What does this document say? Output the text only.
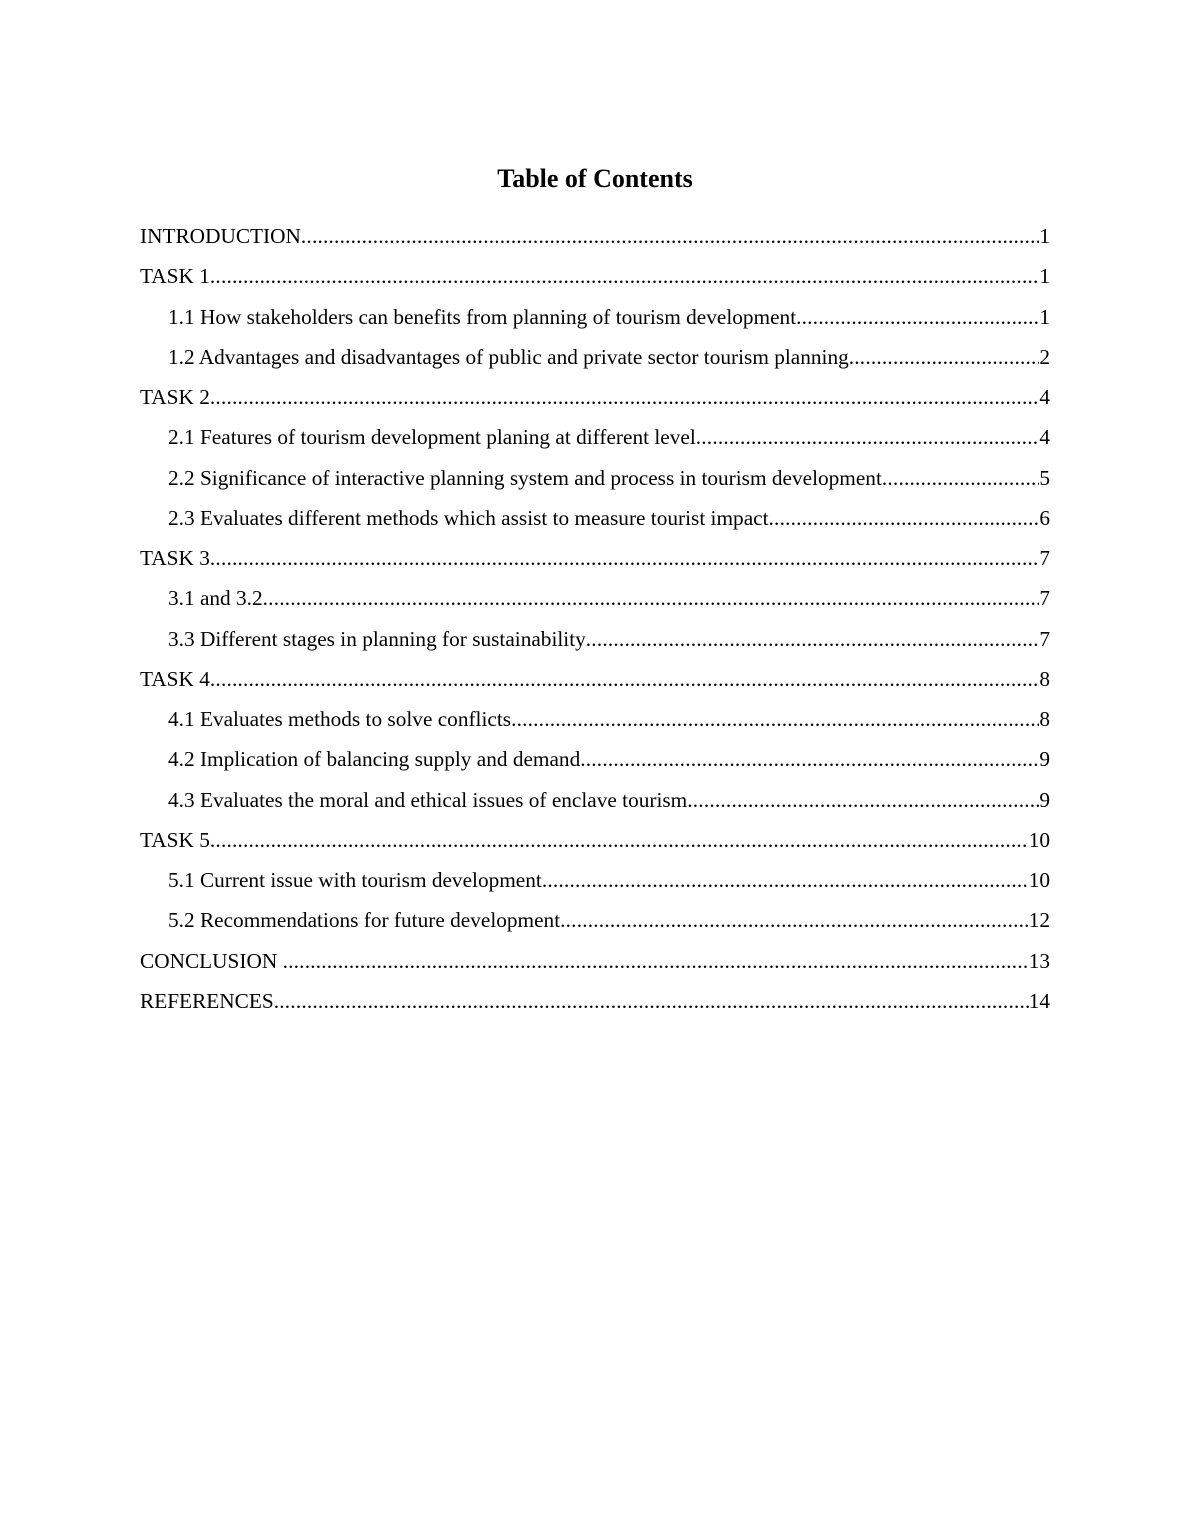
Table of Contents
INTRODUCTION .....	1
TASK 1 .....	1
1.1 How stakeholders can benefits from planning of tourism development .....	1
1.2 Advantages and disadvantages of public and private sector tourism planning .....	2
TASK 2 .....	4
2.1 Features of tourism development planing at different level .....	4
2.2 Significance of interactive planning system and process in tourism development .....	5
2.3 Evaluates different methods which assist to measure tourist impact .....	6
TASK 3 .....	7
3.1 and 3.2 .....	7
3.3 Different stages in planning for sustainability .....	7
TASK 4 .....	8
4.1 Evaluates methods to solve conflicts .....	8
4.2 Implication of balancing supply and demand .....	9
4.3 Evaluates the moral and ethical issues of enclave tourism .....	9
TASK 5 .....	10
5.1 Current issue with tourism development .....	10
5.2 Recommendations for future development .....	12
CONCLUSION .....	13
REFERENCES .....	14
